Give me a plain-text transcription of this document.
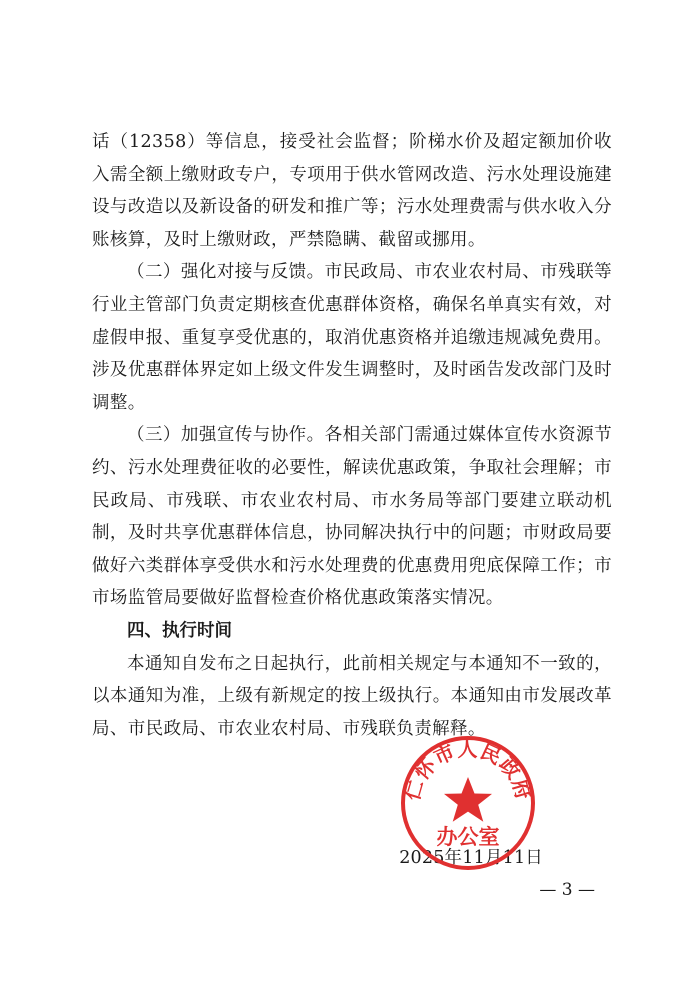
话（12358）等信息，接受社会监督；阶梯水价及超定额加价收入需全额上缴财政专户，专项用于供水管网改造、污水处理设施建设与改造以及新设备的研发和推广等；污水处理费需与供水收入分账核算，及时上缴财政，严禁隐瞒、截留或挪用。

（二）强化对接与反馈。市民政局、市农业农村局、市残联等行业主管部门负责定期核查优惠群体资格，确保名单真实有效，对虚假申报、重复享受优惠的，取消优惠资格并追缴违规减免费用。涉及优惠群体界定如上级文件发生调整时，及时函告发改部门及时调整。

（三）加强宣传与协作。各相关部门需通过媒体宣传水资源节约、污水处理费征收的必要性，解读优惠政策，争取社会理解；市民政局、市残联、市农业农村局、市水务局等部门要建立联动机制，及时共享优惠群体信息，协同解决执行中的问题；市财政局要做好六类群体享受供水和污水处理费的优惠费用兜底保障工作；市市场监管局要做好监督检查价格优惠政策落实情况。

四、执行时间

本通知自发布之日起执行，此前相关规定与本通知不一致的，以本通知为准，上级有新规定的按上级执行。本通知由市发展改革局、市民政局、市农业农村局、市残联负责解释。

2025年11月11日
仁怀市人民政府
办公室
— 3 —
